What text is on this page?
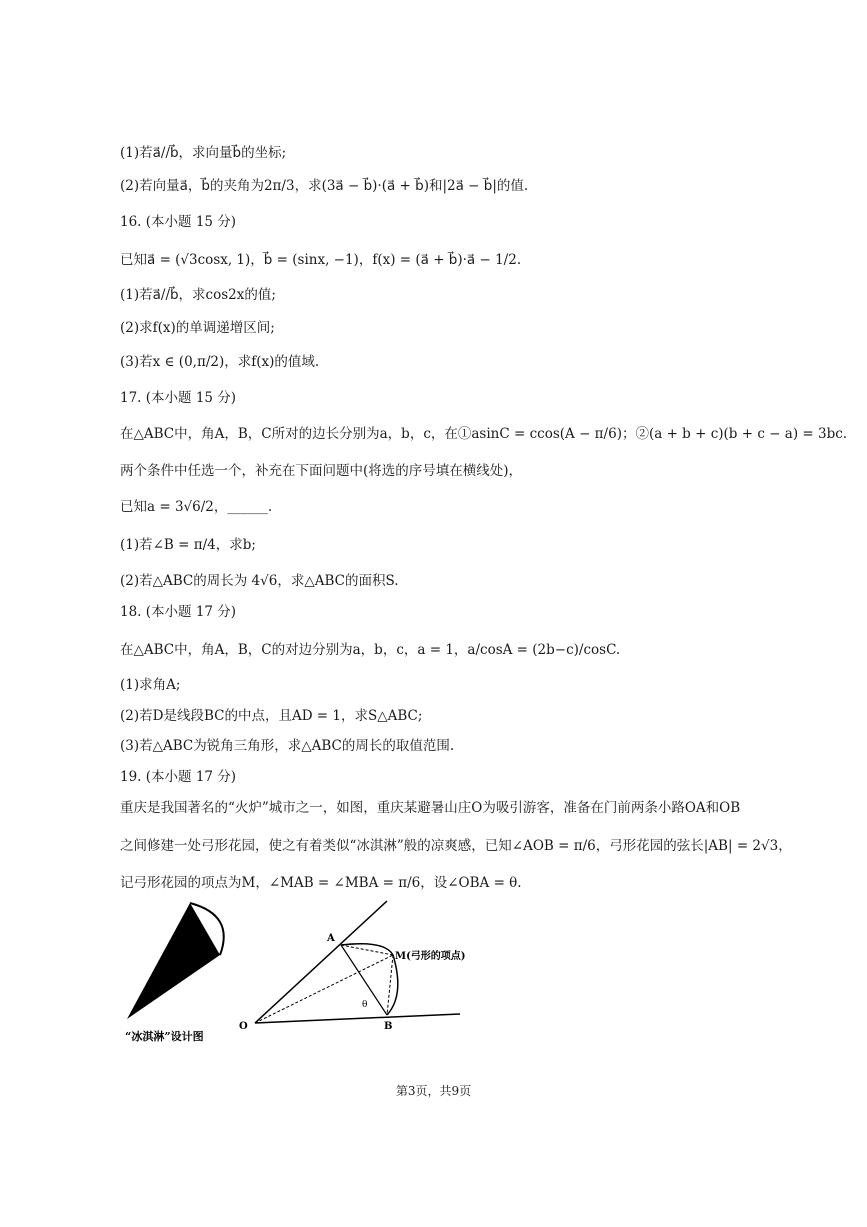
(1)若a⃗//b⃗，求向量b⃗的坐标;
(2)若向量a⃗，b⃗的夹角为2π/3，求(3a⃗ − b⃗)·(a⃗ + b⃗)和|2a⃗ − b⃗|的值.
16. (本小题 15 分)
已知a⃗ = (√3cosx, 1)，b⃗ = (sinx, −1)，f(x) = (a⃗ + b⃗)·a⃗ − 1/2.
(1)若a⃗//b⃗，求cos2x的值;
(2)求f(x)的单调递增区间;
(3)若x ∈ (0,π/2)，求f(x)的值域.
17. (本小题 15 分)
在△ABC中，角A，B，C所对的边长分别为a，b，c，在①asinC = ccos(A − π/6)；②(a + b + c)(b + c − a) = 3bc.
两个条件中任选一个，补充在下面问题中(将选的序号填在横线处)，
已知a = 3√6/2，______.
(1)若∠B = π/4，求b;
(2)若△ABC的周长为 4√6，求△ABC的面积S.
18. (本小题 17 分)
在△ABC中，角A，B，C的对边分别为a，b，c，a = 1，a/cosA = (2b−c)/cosC.
(1)求角A;
(2)若D是线段BC的中点，且AD = 1，求S△ABC;
(3)若△ABC为锐角三角形，求△ABC的周长的取值范围.
19. (本小题 17 分)
重庆是我国著名的“火炉”城市之一，如图，重庆某避暑山庄O为吸引游客，准备在门前两条小路OA和OB
之间修建一处弓形花园，使之有着类似“冰淇淋”般的凉爽感，已知∠AOB = π/6，弓形花园的弦长|AB| = 2√3，
记弓形花园的项点为M，∠MAB = ∠MBA = π/6，设∠OBA = θ.
“冰淇淋”设计图
A
M(弓形的项点)
O	B
θ
第3页，共9页
